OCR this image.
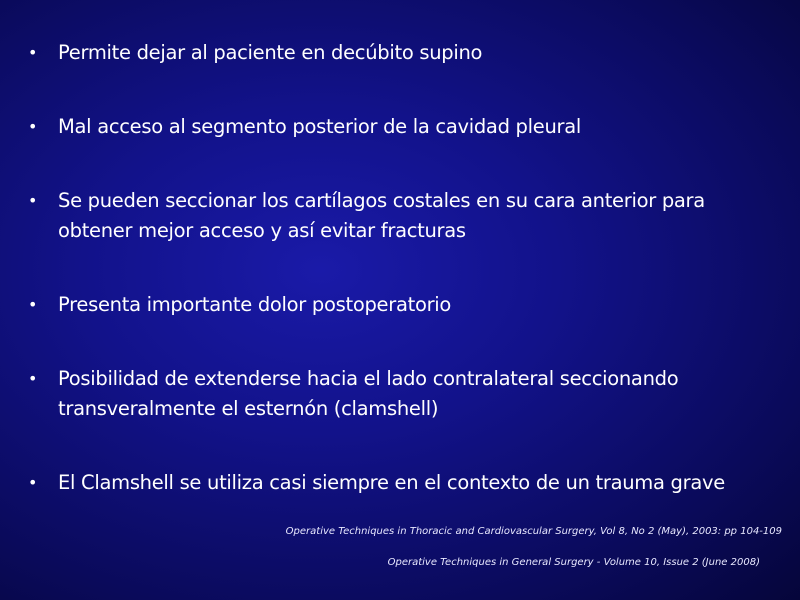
• Permite dejar al paciente en decúbito supino
• Mal acceso al segmento posterior de la cavidad pleural
• Se pueden seccionar los cartílagos costales en su cara anterior para obtener mejor acceso y así evitar fracturas
• Presenta importante dolor postoperatorio
• Posibilidad de extenderse hacia el lado contralateral seccionando transveralmente el esternón (clamshell)
• El Clamshell se utiliza casi siempre en el contexto de un trauma grave
Operative Techniques in Thoracic and Cardiovascular Surgery, Vol 8, No 2 (May), 2003: pp 104-109
Operative Techniques in General Surgery - Volume 10, Issue 2 (June 2008)
